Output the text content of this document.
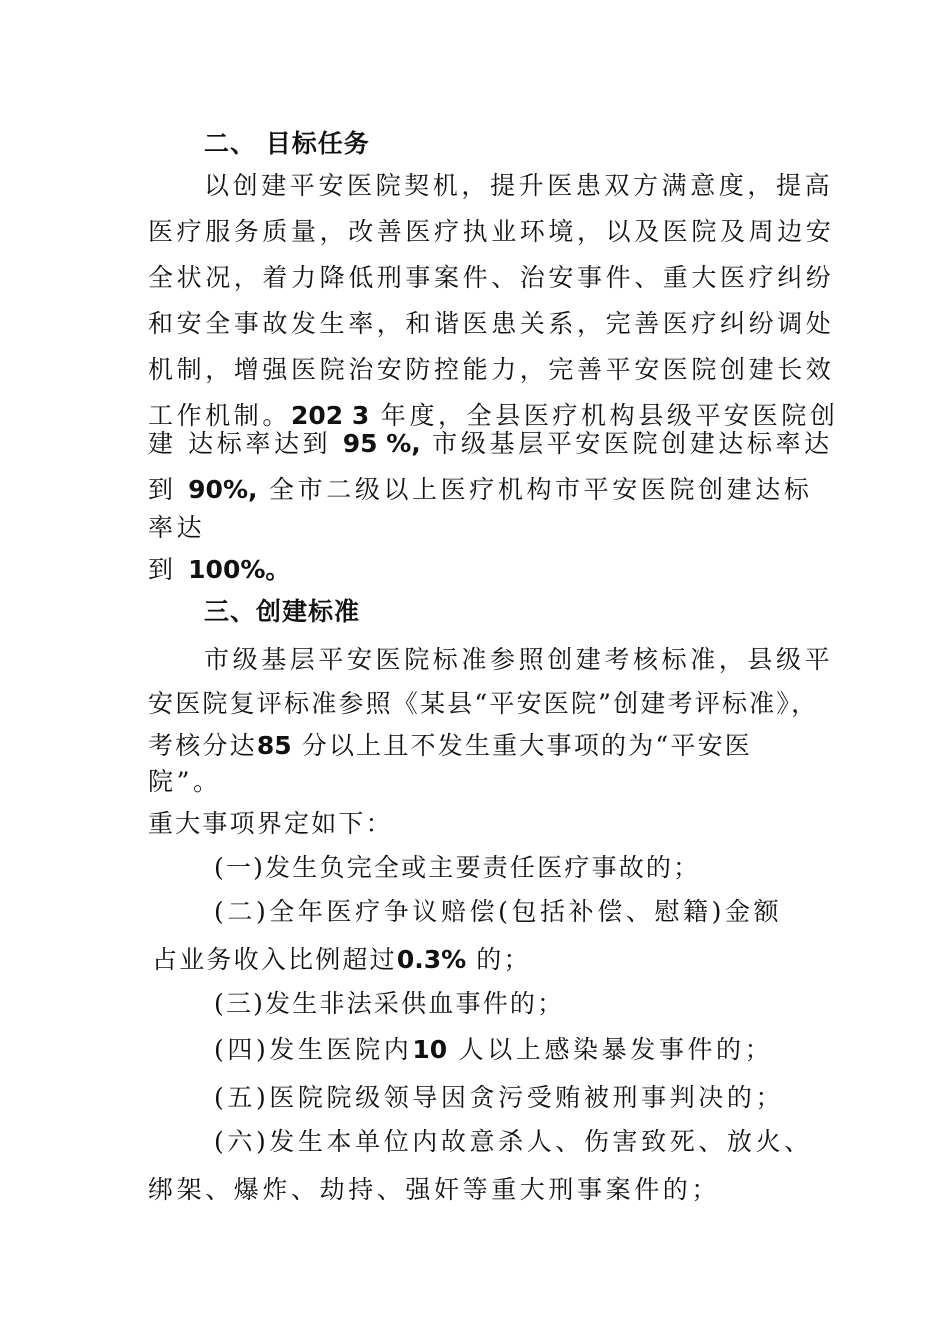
二、 目标任务
以创建平安医院契机，提升医患双方满意度，提高
医疗服务质量，改善医疗执业环境，以及医院及周边安
全状况，着力降低刑事案件、治安事件、重大医疗纠纷
和安全事故发生率，和谐医患关系，完善医疗纠纷调处
机制，增强医院治安防控能力，完善平安医院创建长效
工作机制。202 3 年度，全县医疗机构县级平安医院创
建 达标率达到 95 %, 市级基层平安医院创建达标率达
到 90%, 全市二级以上医疗机构市平安医院创建达标
率达
到 100%。
三、创建标准
市级基层平安医院标准参照创建考核标准，县级平
安医院复评标准参照《某县“平安医院”创建考评标准》，
考核分达85 分以上且不发生重大事项的为“平安医
院”。
重大事项界定如下：
(一)发生负完全或主要责任医疗事故的；
(二)全年医疗争议赔偿(包括补偿、慰籍)金额
占业务收入比例超过0.3% 的；
(三)发生非法采供血事件的；
(四)发生医院内10 人以上感染暴发事件的；
(五)医院院级领导因贪污受贿被刑事判决的；
(六)发生本单位内故意杀人、伤害致死、放火、
绑架、爆炸、劫持、强奸等重大刑事案件的；
